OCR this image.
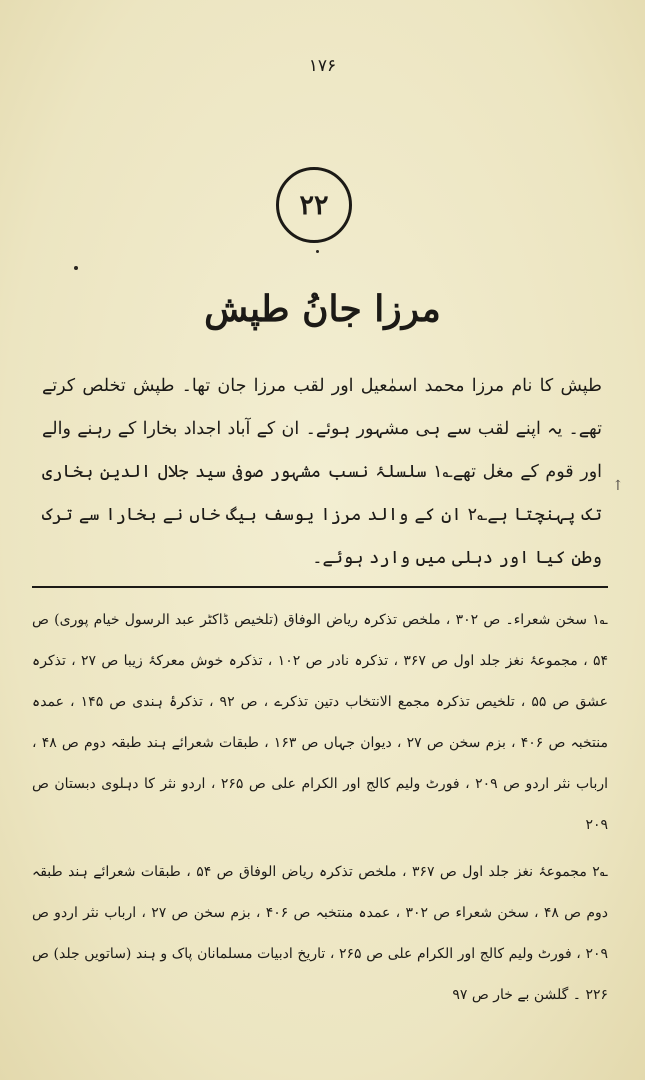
۱۷۶
۲۲
مرزا جانُ طپش

طپش کا نام مرزا محمد اسمٰعیل اور لقب مرزا جان تھا۔ طپش تخلص کرتے تھے۔ یہ اپنے لقب سے ہی مشہور ہوئے۔ ان کے آباد اجداد بخارا کے رہنے والے اور قوم کے مغل تھے؎۱ سلسلۂ نسب مشہور صوفی سید جلال الدین بخاری تک پہنچتا ہے؎۲ ان کے والد مرزا یوسف بیگ خاں نے بخارا سے ترک وطن کیا اور دہلی میں وارد ہوئے۔

↑

؎۱ سخن شعراء۔ ص ۳۰۲ ، ملخص تذکرہ ریاض الوفاق (تلخیص ڈاکٹر عبد الرسول خیام پوری) ص ۵۴ ، مجموعۂ نغز جلد اول ص ۳۶۷ ، تذکرہ نادر ص ۱۰۲ ، تذکرہ خوش معرکۂ زیبا ص ۲۷ ، تذکرہ عشق ص ۵۵ ، تلخیص تذکرہ مجمع الانتخاب دتین تذکرے ، ص ۹۲ ، تذکرۂ ہندی ص ۱۴۵ ، عمدہ منتخبہ ص ۴۰۶ ، بزم سخن ص ۲۷ ، دیوان جہاں ص ۱۶۳ ، طبقات شعرائے ہند طبقہ دوم ص ۴۸ ، ارباب نثر اردو ص ۲۰۹ ، فورٹ ولیم کالج اور الکرام علی ص ۲۶۵ ، اردو نثر کا دہلوی دبستان ص ۲۰۹

؎۲ مجموعۂ نغز جلد اول ص ۳۶۷ ، ملخص تذکرہ ریاض الوفاق ص ۵۴ ، طبقات شعرائے ہند طبقہ دوم ص ۴۸ ، سخن شعراء ص ۳۰۲ ، عمدہ منتخبہ ص ۴۰۶ ، بزم سخن ص ۲۷ ، ارباب نثر اردو ص ۲۰۹ ، فورٹ ولیم کالج اور الکرام علی ص ۲۶۵ ، تاریخ ادبیات مسلمانان پاک و ہند (ساتویں جلد) ص ۲۲۶ ۔ گلشن بے خار ص ۹۷
